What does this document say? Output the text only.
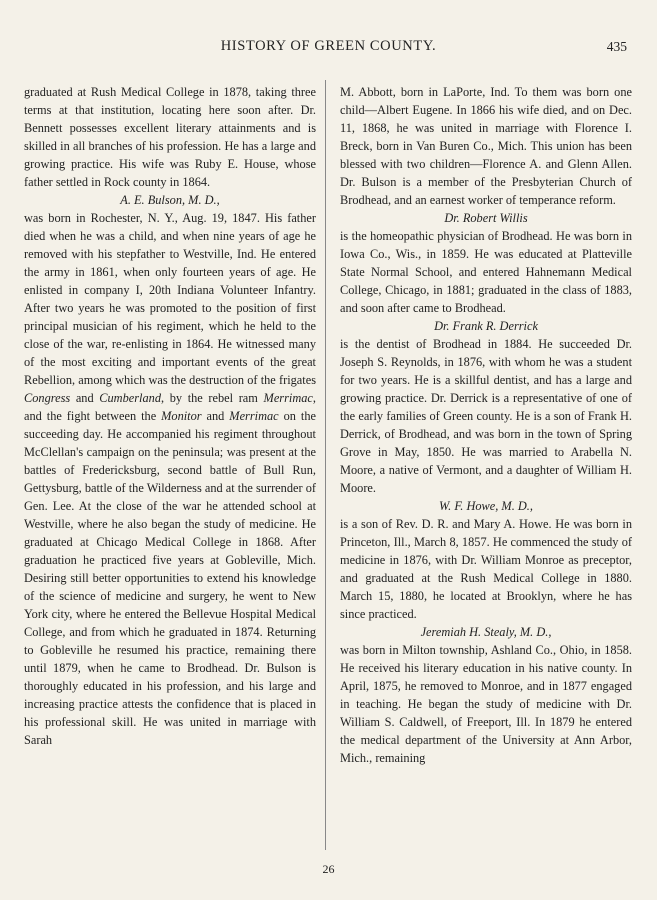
HISTORY OF GREEN COUNTY.	435

graduated at Rush Medical College in 1878, taking three terms at that institution, locating here soon after. Dr. Bennett possesses excellent literary attainments and is skilled in all branches of his profession. He has a large and growing practice. His wife was Ruby E. House, whose father settled in Rock county in 1864.

A. E. Bulson, M. D.,

was born in Rochester, N. Y., Aug. 19, 1847. His father died when he was a child, and when nine years of age he removed with his stepfather to Westville, Ind. He entered the army in 1861, when only fourteen years of age. He enlisted in company I, 20th Indiana Volunteer Infantry. After two years he was promoted to the position of first principal musician of his regiment, which he held to the close of the war, re-enlisting in 1864. He witnessed many of the most exciting and important events of the great Rebellion, among which was the destruction of the frigates Congress and Cumberland, by the rebel ram Merrimac, and the fight between the Monitor and Merrimac on the succeeding day. He accompanied his regiment throughout McClellan's campaign on the peninsula; was present at the battles of Fredericksburg, second battle of Bull Run, Gettysburg, battle of the Wilderness and at the surrender of Gen. Lee. At the close of the war he attended school at Westville, where he also began the study of medicine. He graduated at Chicago Medical College in 1868. After graduation he practiced five years at Gobleville, Mich. Desiring still better opportunities to extend his knowledge of the science of medicine and surgery, he went to New York city, where he entered the Bellevue Hospital Medical College, and from which he graduated in 1874. Returning to Gobleville he resumed his practice, remaining there until 1879, when he came to Brodhead. Dr. Bulson is thoroughly educated in his profession, and his large and increasing practice attests the confidence that is placed in his professional skill. He was united in marriage with Sarah

M. Abbott, born in LaPorte, Ind. To them was born one child—Albert Eugene. In 1866 his wife died, and on Dec. 11, 1868, he was united in marriage with Florence I. Breck, born in Van Buren Co., Mich. This union has been blessed with two children—Florence A. and Glenn Allen. Dr. Bulson is a member of the Presbyterian Church of Brodhead, and an earnest worker of temperance reform.

Dr. Robert Willis

is the homeopathic physician of Brodhead. He was born in Iowa Co., Wis., in 1859. He was educated at Platteville State Normal School, and entered Hahnemann Medical College, Chicago, in 1881; graduated in the class of 1883, and soon after came to Brodhead.

Dr. Frank R. Derrick

is the dentist of Brodhead in 1884. He succeeded Dr. Joseph S. Reynolds, in 1876, with whom he was a student for two years. He is a skillful dentist, and has a large and growing practice. Dr. Derrick is a representative of one of the early families of Green county. He is a son of Frank H. Derrick, of Brodhead, and was born in the town of Spring Grove in May, 1850. He was married to Arabella N. Moore, a native of Vermont, and a daughter of William H. Moore.

W. F. Howe, M. D.,

is a son of Rev. D. R. and Mary A. Howe. He was born in Princeton, Ill., March 8, 1857. He commenced the study of medicine in 1876, with Dr. William Monroe as preceptor, and graduated at the Rush Medical College in 1880. March 15, 1880, he located at Brooklyn, where he has since practiced.

Jeremiah H. Stealy, M. D.,

was born in Milton township, Ashland Co., Ohio, in 1858. He received his literary education in his native county. In April, 1875, he removed to Monroe, and in 1877 engaged in teaching. He began the study of medicine with Dr. William S. Caldwell, of Freeport, Ill. In 1879 he entered the medical department of the University at Ann Arbor, Mich., remaining

26
